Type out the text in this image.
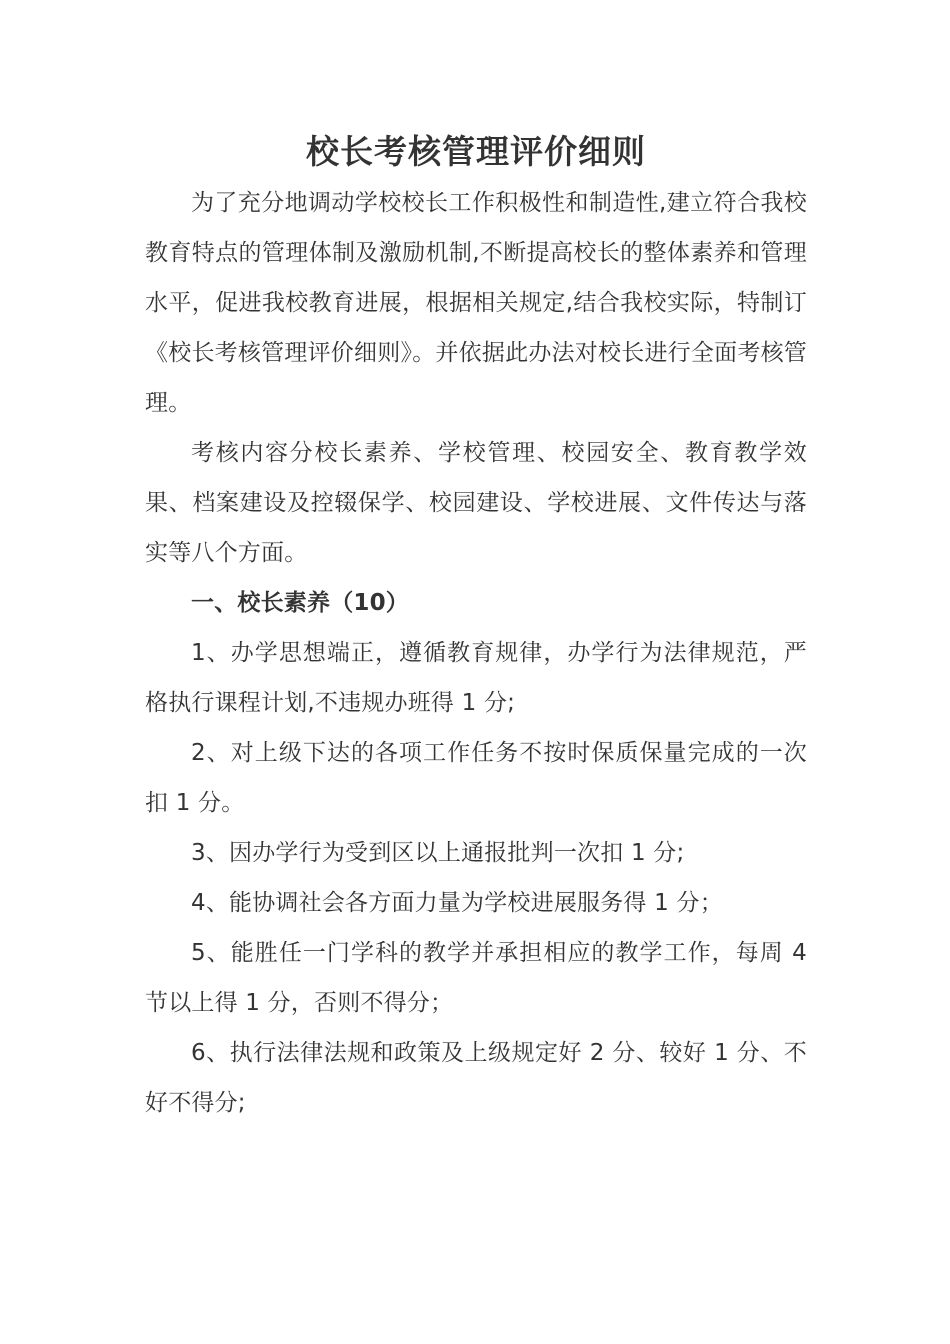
校长考核管理评价细则

为了充分地调动学校校长工作积极性和制造性,建立符合我校教育特点的管理体制及激励机制,不断提高校长的整体素养和管理水平，促进我校教育进展，根据相关规定,结合我校实际，特制订《校长考核管理评价细则》。并依据此办法对校长进行全面考核管理。

考核内容分校长素养、学校管理、校园安全、教育教学效果、档案建设及控辍保学、校园建设、学校进展、文件传达与落实等八个方面。

一、校长素养（10）

1、办学思想端正，遵循教育规律，办学行为法律规范，严格执行课程计划,不违规办班得 1 分;

2、对上级下达的各项工作任务不按时保质保量完成的一次扣 1 分。

3、因办学行为受到区以上通报批判一次扣 1 分;

4、能协调社会各方面力量为学校进展服务得 1 分；

5、能胜任一门学科的教学并承担相应的教学工作，每周 4 节以上得 1 分，否则不得分；

6、执行法律法规和政策及上级规定好 2 分、较好 1 分、不好不得分;
